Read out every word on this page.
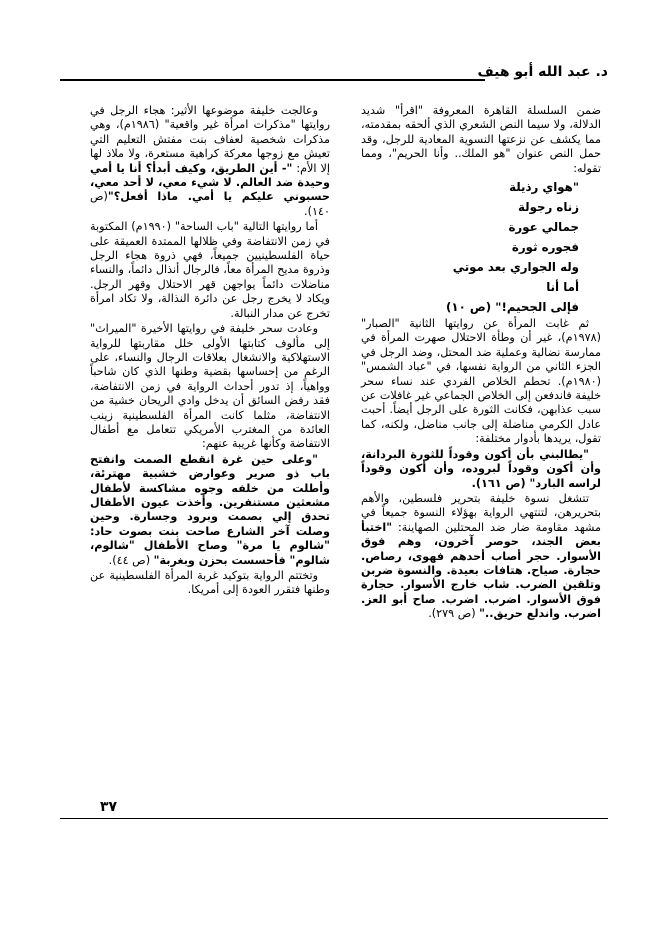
د. عبد الله أبو هيف

ضمن السلسلة القاهرة المعروفة "اقرأ" شديد الدلالة، ولا سيما النص الشعري الذي ألحقه بمقدمته، مما يكشف عن نزعتها النسوية المعادية للرجل، وقد حمل النص عنوان "هو الملك.. وأنا الحريم"، ومما تقوله:

"هواي رذيلة
زناه رجولة
جمالي عورة
فجوره ثورة
وله الجواري بعد موتي
أما أنا
فإلى الجحيم!" (ص ١٠)

ثم غابت المرأة عن روايتها الثانية "الصبار" (١٩٧٨م)، غير أن وطأة الاحتلال صهرت المرأة في ممارسة نضالية وعملية ضد المحتل، وضد الرجل في الجزء الثاني من الرواية نفسها، في "عباد الشمس" (١٩٨٠م). تحطم الخلاص الفردي عند نساء سحر خليفة فاندفعن إلى الخلاص الجماعي غير غافلات عن سبب عذابهن، فكانت الثورة على الرجل أيضاً. أحبت عادل الكرمي مناضلة إلى جانب مناضل، ولكنه، كما تقول، يريدها بأدوار مختلفة:

"يطالبني بأن أكون وقوداً للثورة البردانة، وأن أكون وقوداً لبروده، وأن أكون وقوداً لراسه البارد" (ص ١٦١).

تتشغل نسوة خليفة بتحرير فلسطين، والأهم بتحريرهن، لتنتهي الرواية بهؤلاء النسوة جميعاً في مشهد مقاومة ضار ضد المحتلين الصهاينة: "اختبأ بعض الجند، حوصر آخرون، وهم فوق الأسوار. حجر أصاب أحدهم فهوى، رصاص. حجارة. صياح. هتافات بعيدة. والنسوة ضربن وتلقين الضرب. شاب خارج الأسوار. حجارة فوق الأسوار. اضرب. اضرب. صاح أبو العز. اضرب. واندلع حريق.." (ص ٢٧٩).

وعالجت خليفة موضوعها الأثير: هجاء الرجل في روايتها "مذكرات امرأة غير واقعية" (١٩٨٦م)، وهي مذكرات شخصية لعفاف بنت مفتش التعليم التي تعيش مع زوجها معركة كراهية مستعرة، ولا ملاذ لها إلا الأم: "- أين الطريق، وكيف أبدأ؟ أنا يا أمي وحيدة ضد العالم. لا شيء معي، لا أحد معي، حسبوني عليكم يا أمي. ماذا أفعل؟"(ص ١٤٠).

أما روايتها التالية "باب الساحة" (١٩٩٠م) المكتوبة في زمن الانتفاضة وفي ظلالها الممتدة العميقة على حياة الفلسطينيين جميعاً، فهي ذروة هجاء الرجل وذروة مديح المرأة معاً، فالرجال أنذال دائماً، والنساء مناضلات دائماً يواجهن قهر الاحتلال وقهر الرجل. ويكاد لا يخرج رجل عن دائرة النذالة، ولا تكاد امرأة تخرج عن مدار النبالة.

وعادت سحر خليفة في روايتها الأخيرة "الميراث" إلى مألوف كتابتها الأولى خلل مقاربتها للرواية الاستهلاكية والانشغال بعلاقات الرجال والنساء، على الرغم من إحساسها بقضية وطنها الذي كان شاحباً وواهياً، إذ تدور أحداث الرواية في زمن الانتفاضة، فقد رفض السائق أن يدخل وادي الريحان خشية من الانتفاضة، مثلما كانت المرأة الفلسطينية زينب العائدة من المغترب الأمريكي تتعامل مع أطفال الانتفاضة وكأنها غريبة عنهم:

"وعلى حين غرة انقطع الصمت وانفتح باب ذو صرير وعوارض خشبية مهترئة، وأطلت من خلفه وجوه مشاكسة لأطفال مشعثين مستنفرين. وأخذت عيون الأطفال تحدق إلي بصمت وبرود وجسارة. وحين وصلت آخر الشارع صاحت بنت بصوت حاد: "شالوم يا مرة" وصاح الأطفال "شالوم، شالوم" فأحسست بحزن وبغربة" (ص ٤٤).

وتختتم الرواية بتوكيد غربة المرأة الفلسطينية عن وطنها فتقرر العودة إلى أمريكا.

٣٧
